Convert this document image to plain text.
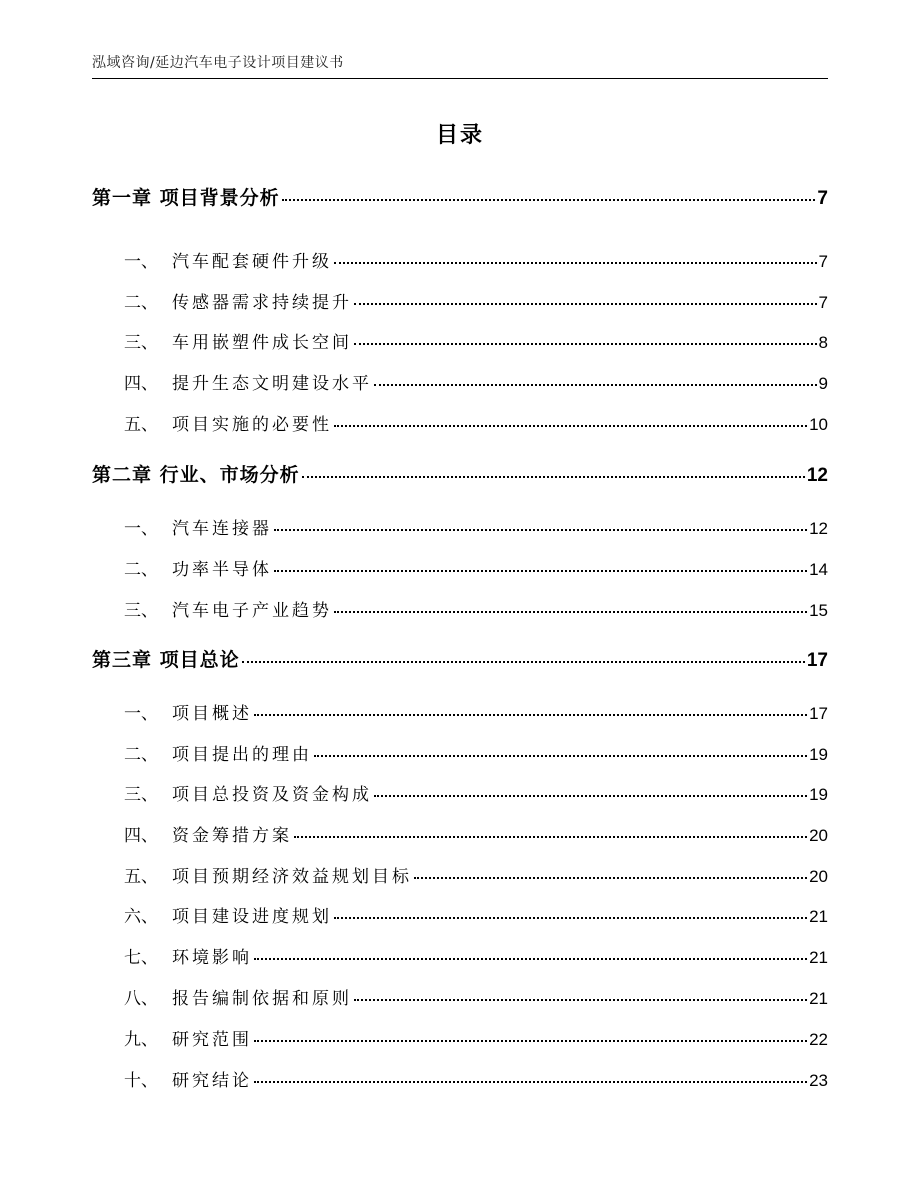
泓域咨询/延边汽车电子设计项目建议书
目录
第一章 项目背景分析	7
一、 汽车配套硬件升级	7
二、 传感器需求持续提升	7
三、 车用嵌塑件成长空间	8
四、 提升生态文明建设水平	9
五、 项目实施的必要性	10
第二章 行业、市场分析	12
一、 汽车连接器	12
二、 功率半导体	14
三、 汽车电子产业趋势	15
第三章 项目总论	17
一、 项目概述	17
二、 项目提出的理由	19
三、 项目总投资及资金构成	19
四、 资金筹措方案	20
五、 项目预期经济效益规划目标	20
六、 项目建设进度规划	21
七、 环境影响	21
八、 报告编制依据和原则	21
九、 研究范围	22
十、 研究结论	23
